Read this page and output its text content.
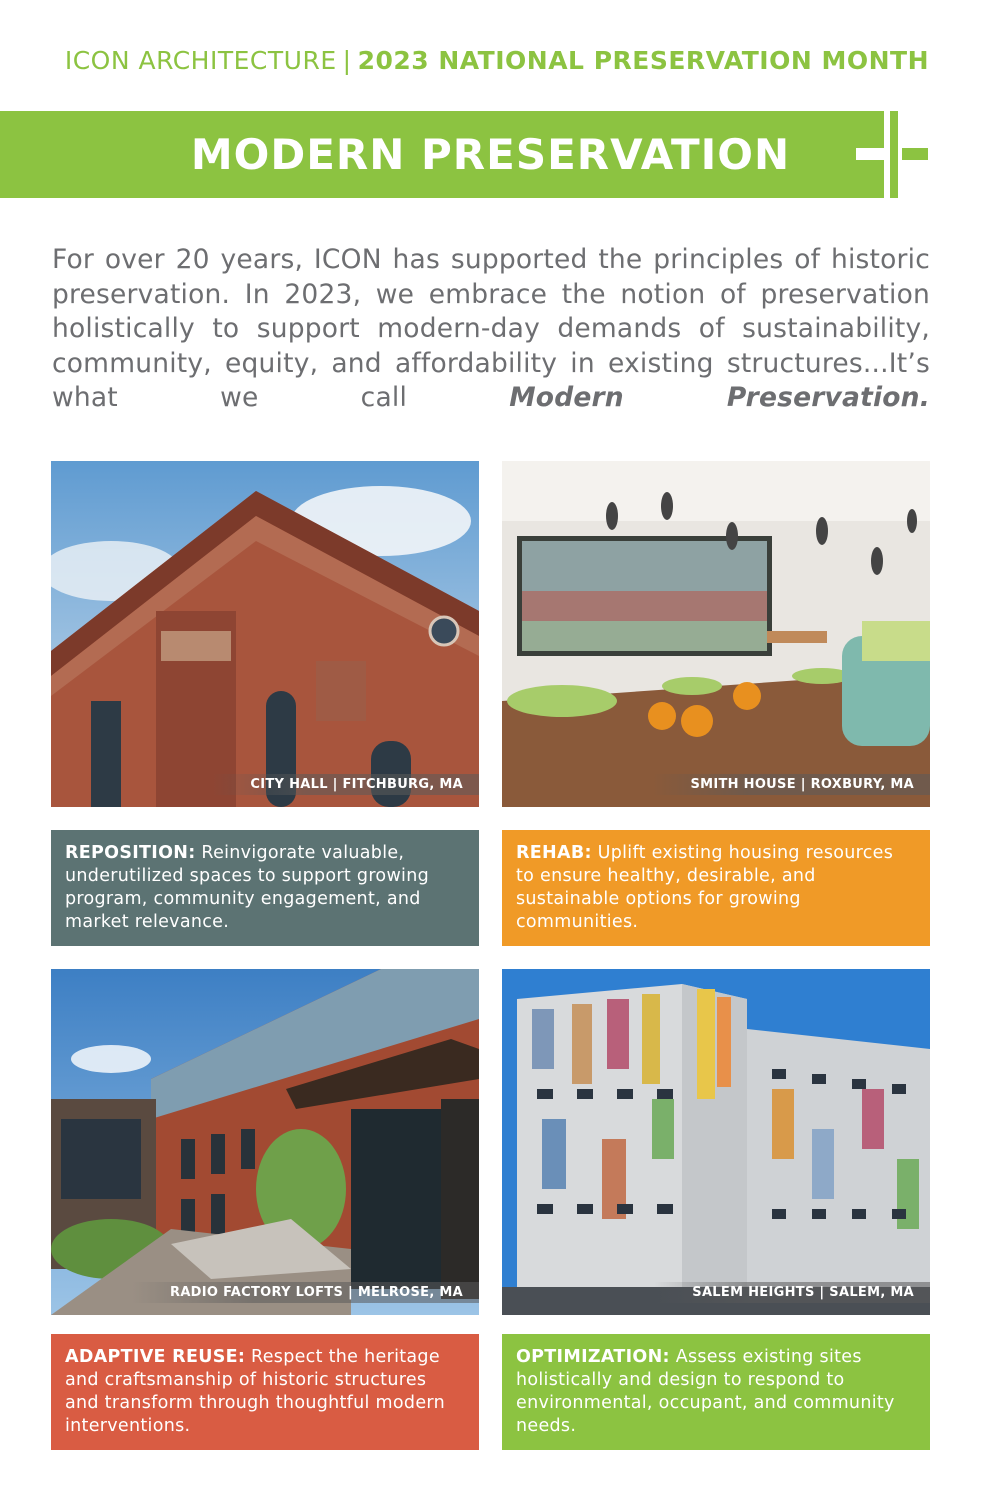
ICON ARCHITECTURE | 2023 NATIONAL PRESERVATION MONTH
MODERN PRESERVATION
For over 20 years, ICON has supported the principles of historic preservation. In 2023, we embrace the notion of preservation holistically to support modern-day demands of sustainability, community, equity, and affordability in existing structures...It’s what we call Modern Preservation.
CITY HALL | FITCHBURG, MA	SMITH HOUSE | ROXBURY, MA
REPOSITION: Reinvigorate valuable, underutilized spaces to support growing program, community engagement, and market relevance.
REHAB: Uplift existing housing resources to ensure healthy, desirable, and sustainable options for growing communities.
RADIO FACTORY LOFTS | MELROSE, MA	SALEM HEIGHTS | SALEM, MA
ADAPTIVE REUSE: Respect the heritage and craftsmanship of historic structures and transform through thoughtful modern interventions.
OPTIMIZATION: Assess existing sites holistically and design to respond to environmental, occupant, and community needs.
